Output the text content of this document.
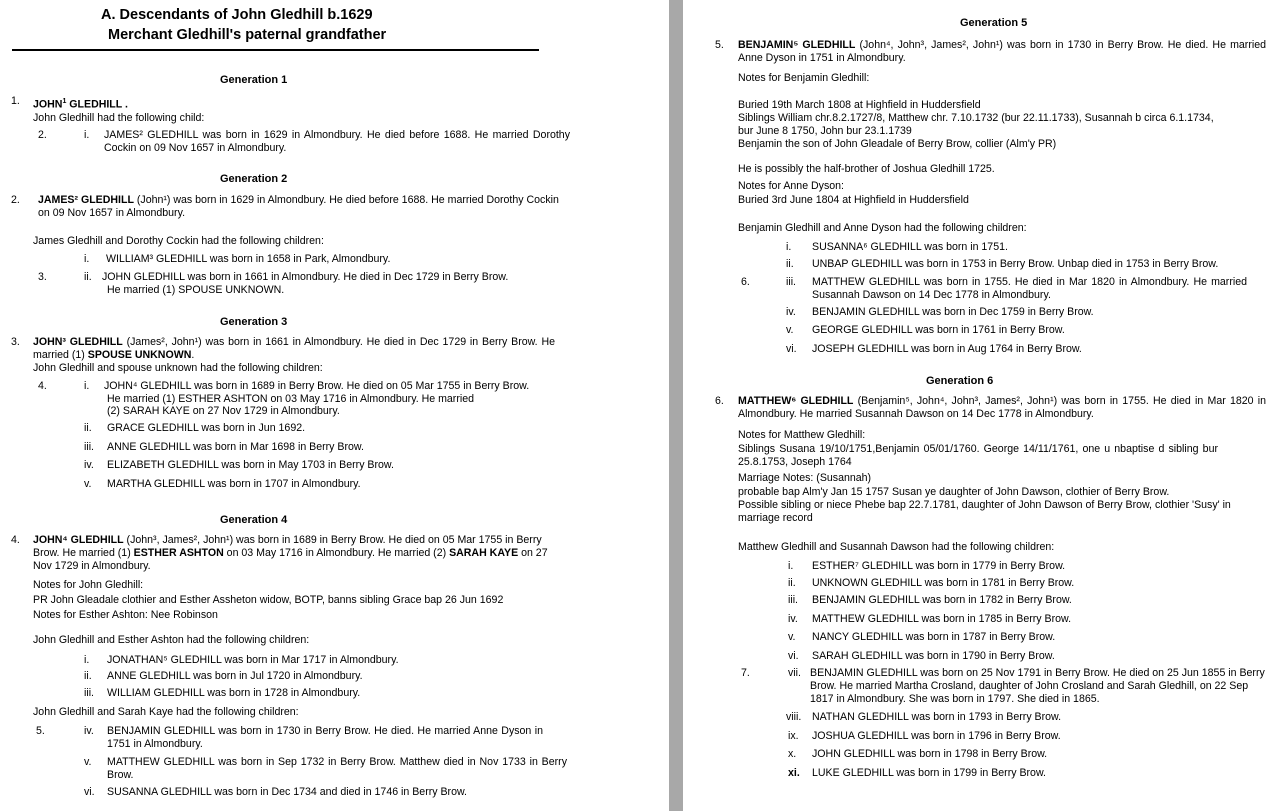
A. Descendants of John Gledhill b.1629
Merchant Gledhill's paternal grandfather
Generation 1
1. JOHN$^1$ GLEDHILL .
John Gledhill had the following child:
2.	i. JAMES² GLEDHILL was born in 1629 in Almondbury. He died before 1688. He married Dorothy Cockin on 09 Nov 1657 in Almondbury.
Generation 2
2. JAMES² GLEDHILL (John¹) was born in 1629 in Almondbury. He died before 1688. He married Dorothy Cockin on 09 Nov 1657 in Almondbury.
James Gledhill and Dorothy Cockin had the following children:
i. WILLIAM³ GLEDHILL was born in 1658 in Park, Almondbury.
3.	ii. JOHN GLEDHILL was born in 1661 in Almondbury. He died in Dec 1729 in Berry Brow.
He married (1) SPOUSE UNKNOWN.
Generation 3
3. JOHN³ GLEDHILL (James², John¹) was born in 1661 in Almondbury. He died in Dec 1729 in Berry Brow. He married (1) SPOUSE UNKNOWN.
John Gledhill and spouse unknown had the following children:
4.	i. JOHN⁴ GLEDHILL was born in 1689 in Berry Brow. He died on 05 Mar 1755 in Berry Brow.
He married (1) ESTHER ASHTON on 03 May 1716 in Almondbury. He married
(2) SARAH KAYE on 27 Nov 1729 in Almondbury.
ii. GRACE GLEDHILL was born in Jun 1692.
iii. ANNE GLEDHILL was born in Mar 1698 in Berry Brow.
iv. ELIZABETH GLEDHILL was born in May 1703 in Berry Brow.
v. MARTHA GLEDHILL was born in 1707 in Almondbury.
Generation 4
4. JOHN⁴ GLEDHILL (John³, James², John¹) was born in 1689 in Berry Brow. He died on 05 Mar 1755 in Berry Brow. He married (1) ESTHER ASHTON on 03 May 1716 in Almondbury. He married (2) SARAH KAYE on 27 Nov 1729 in Almondbury.
Notes for John Gledhill:
PR John Gleadale clothier and Esther Assheton widow, BOTP, banns sibling Grace bap 26 Jun 1692
Notes for Esther Ashton: Nee Robinson
John Gledhill and Esther Ashton had the following children:
i. JONATHAN⁵ GLEDHILL was born in Mar 1717 in Almondbury.
ii. ANNE GLEDHILL was born in Jul 1720 in Almondbury.
iii. WILLIAM GLEDHILL was born in 1728 in Almondbury.
John Gledhill and Sarah Kaye had the following children:
5.	iv. BENJAMIN GLEDHILL was born in 1730 in Berry Brow. He died. He married Anne Dyson in 1751 in Almondbury.
v. MATTHEW GLEDHILL was born in Sep 1732 in Berry Brow. Matthew died in Nov 1733 in Berry Brow.
vi. SUSANNA GLEDHILL was born in Dec 1734 and died in 1746 in Berry Brow.
Generation 5
5. BENJAMIN⁵ GLEDHILL (John⁴, John³, James², John¹) was born in 1730 in Berry Brow. He died. He married Anne Dyson in 1751 in Almondbury.
Notes for Benjamin Gledhill:
Buried 19th March 1808 at Highfield in Huddersfield
Siblings William chr.8.2.1727/8, Matthew chr. 7.10.1732 (bur 22.11.1733), Susannah b circa 6.1.1734, bur June 8 1750, John bur 23.1.1739
Benjamin the son of John Gleadale of Berry Brow, collier (Alm'y PR)
He is possibly the half-brother of Joshua Gledhill 1725.
Notes for Anne Dyson:
Buried 3rd June 1804 at Highfield in Huddersfield
Benjamin Gledhill and Anne Dyson had the following children:
i. SUSANNA⁶ GLEDHILL was born in 1751.
ii. UNBAP GLEDHILL was born in 1753 in Berry Brow. Unbap died in 1753 in Berry Brow.
6.	iii. MATTHEW GLEDHILL was born in 1755. He died in Mar 1820 in Almondbury. He married Susannah Dawson on 14 Dec 1778 in Almondbury.
iv. BENJAMIN GLEDHILL was born in Dec 1759 in Berry Brow.
v. GEORGE GLEDHILL was born in 1761 in Berry Brow.
vi. JOSEPH GLEDHILL was born in Aug 1764 in Berry Brow.
Generation 6
6. MATTHEW⁶ GLEDHILL (Benjamin⁵, John⁴, John³, James², John¹) was born in 1755. He died in Mar 1820 in Almondbury. He married Susannah Dawson on 14 Dec 1778 in Almondbury.
Notes for Matthew Gledhill:
Siblings Susana 19/10/1751,Benjamin 05/01/1760. George 14/11/1761, one u nbaptise d sibling bur 25.8.1753, Joseph 1764
Marriage Notes: (Susannah)
probable bap Alm'y Jan 15 1757 Susan ye daughter of John Dawson, clothier of Berry Brow.
Possible sibling or niece Phebe bap 22.7.1781, daughter of John Dawson of Berry Brow, clothier 'Susy' in marriage record
Matthew Gledhill and Susannah Dawson had the following children:
i. ESTHER⁷ GLEDHILL was born in 1779 in Berry Brow.
ii. UNKNOWN GLEDHILL was born in 1781 in Berry Brow.
iii. BENJAMIN GLEDHILL was born in 1782 in Berry Brow.
iv. MATTHEW GLEDHILL was born in 1785 in Berry Brow.
v. NANCY GLEDHILL was born in 1787 in Berry Brow.
vi. SARAH GLEDHILL was born in 1790 in Berry Brow.
7.	vii. BENJAMIN GLEDHILL was born on 25 Nov 1791 in Berry Brow. He died on 25 Jun 1855 in Berry Brow. He married Martha Crosland, daughter of John Crosland and Sarah Gledhill, on 22 Sep 1817 in Almondbury. She was born in 1797. She died in 1865.
viii. NATHAN GLEDHILL was born in 1793 in Berry Brow.
ix. JOSHUA GLEDHILL was born in 1796 in Berry Brow.
x. JOHN GLEDHILL was born in 1798 in Berry Brow.
xi. LUKE GLEDHILL was born in 1799 in Berry Brow.
